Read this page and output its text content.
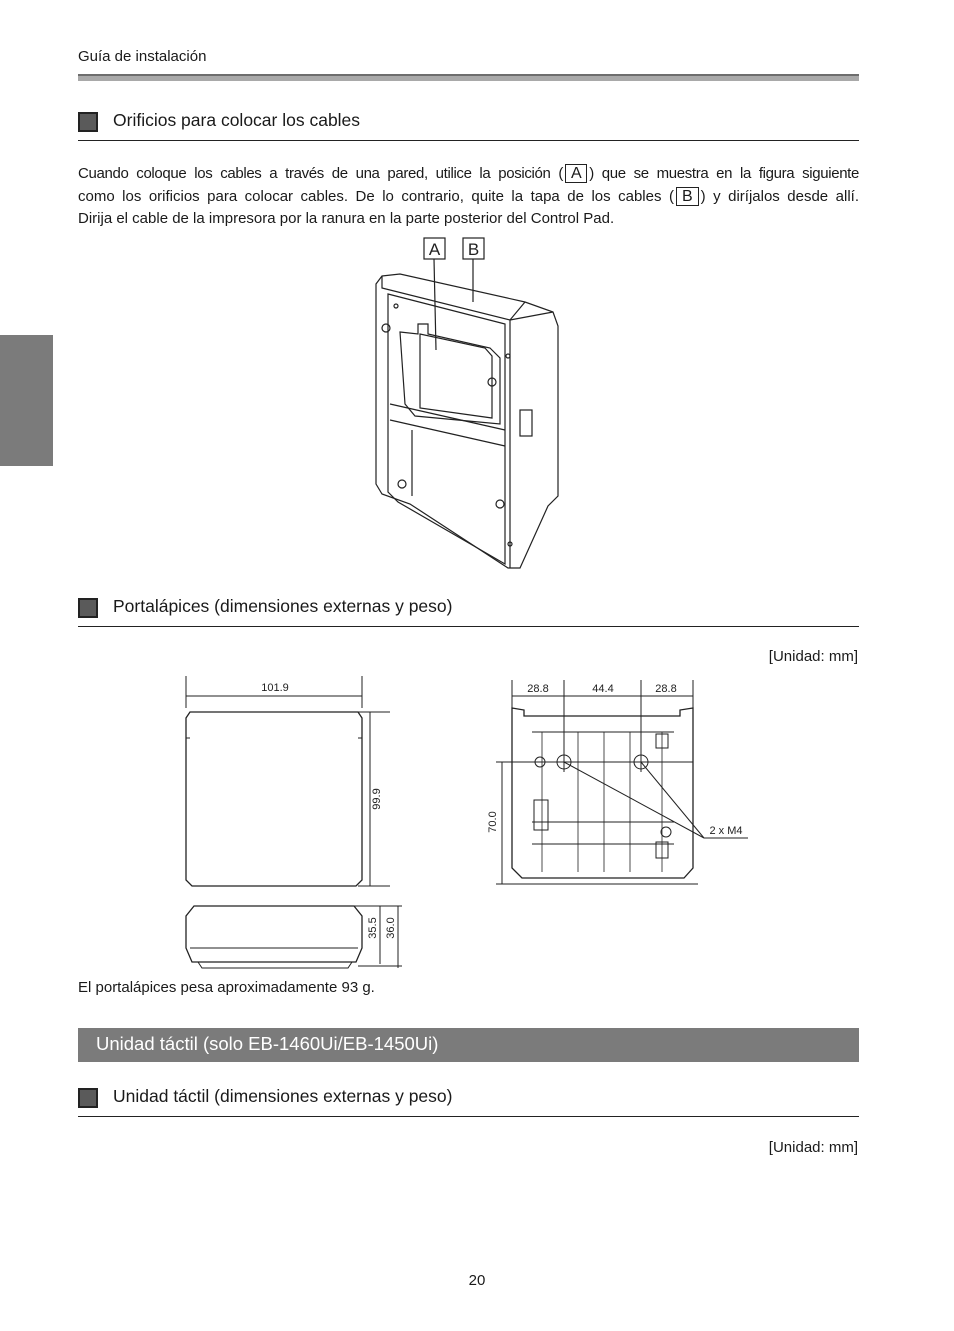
Guía de instalación
Orificios para colocar los cables

Cuando coloque los cables a través de una pared, utilice la posición ( A ) que se muestra en la figura siguiente

como los orificios para colocar cables. De lo contrario, quite la tapa de los cables ( B ) y diríjalos desde allí.

Dirija el cable de la impresora por la ranura en la parte posterior del Control Pad.

A B
Portalápices (dimensiones externas y peso)
[Unidad: mm]
101.9
99.9
35.5 36.0
28.8	44.4	28.8
70.0	2 x M4
El portalápices pesa aproximadamente 93 g.
Unidad táctil (solo EB-1460Ui/EB-1450Ui)
Unidad táctil (dimensiones externas y peso)
[Unidad: mm]
20
